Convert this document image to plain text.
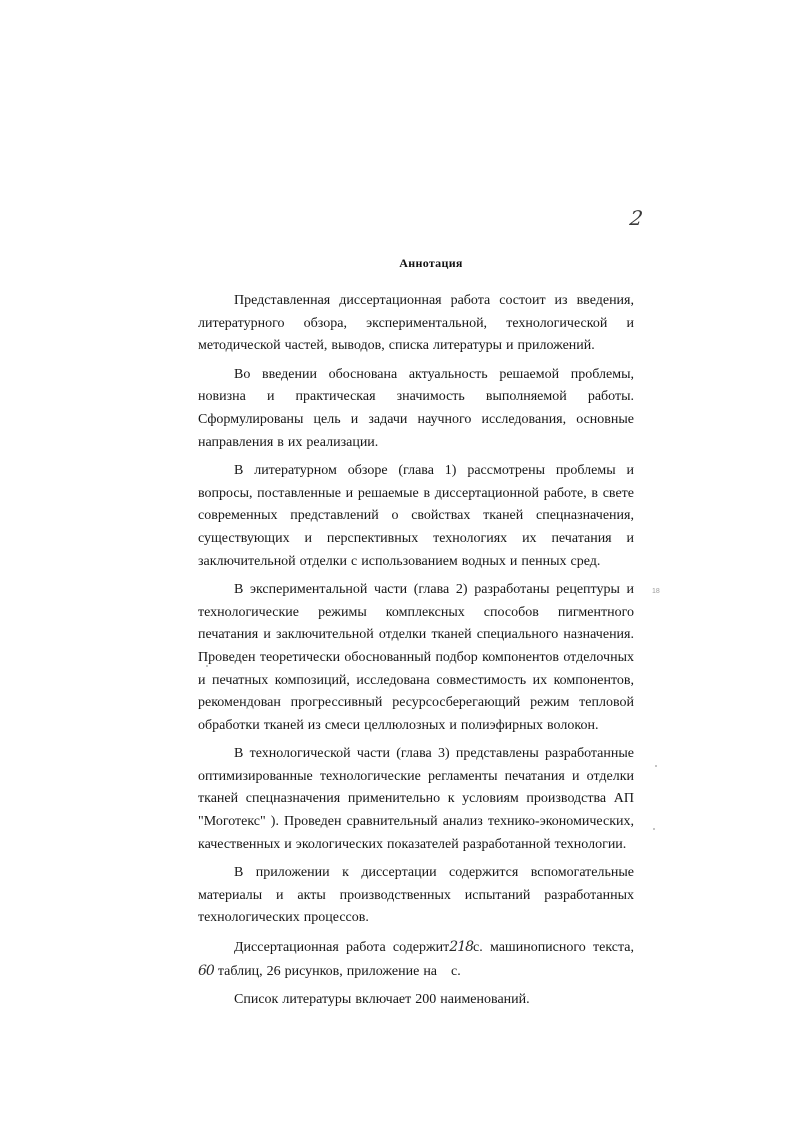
2
Аннотация

Представленная диссертационная работа состоит из введения, литературного обзора, экспериментальной, технологической и методической частей, выводов, списка литературы и приложений.

Во введении обоснована актуальность решаемой проблемы, новизна и практическая значимость выполняемой работы. Сформулированы цель и задачи научного исследования, основные направления в их реализации.

В литературном обзоре (глава 1) рассмотрены проблемы и вопросы, поставленные и решаемые в диссертационной работе, в свете современных представлений о свойствах тканей спецназначения, существующих и перспективных технологиях их печатания и заключительной отделки с использованием водных и пенных сред.

В экспериментальной части (глава 2) разработаны рецептуры и технологические режимы комплексных способов пигментного печатания и заключительной отделки тканей специального назначения. Проведен теоретически обоснованный подбор компонентов отделочных и печатных композиций, исследована совместимость их компонентов, рекомендован прогрессивный ресурсосберегающий режим тепловой обработки тканей из смеси целлюлозных и полиэфирных волокон.

В технологической части (глава 3) представлены разработанные оптимизированные технологические регламенты печатания и отделки тканей спецназначения применительно к условиям производства АП "Моготекс" ). Проведен сравнительный анализ технико-экономических, качественных и экологических показателей разработанной технологии.

В приложении к диссертации содержится вспомогательные материалы и акты производственных испытаний разработанных технологических процессов.

Диссертационная работа содержит218с. машинописного текста, 60 таблиц, 26 рисунков, приложение на с.

Список литературы включает 200 наименований.

18
